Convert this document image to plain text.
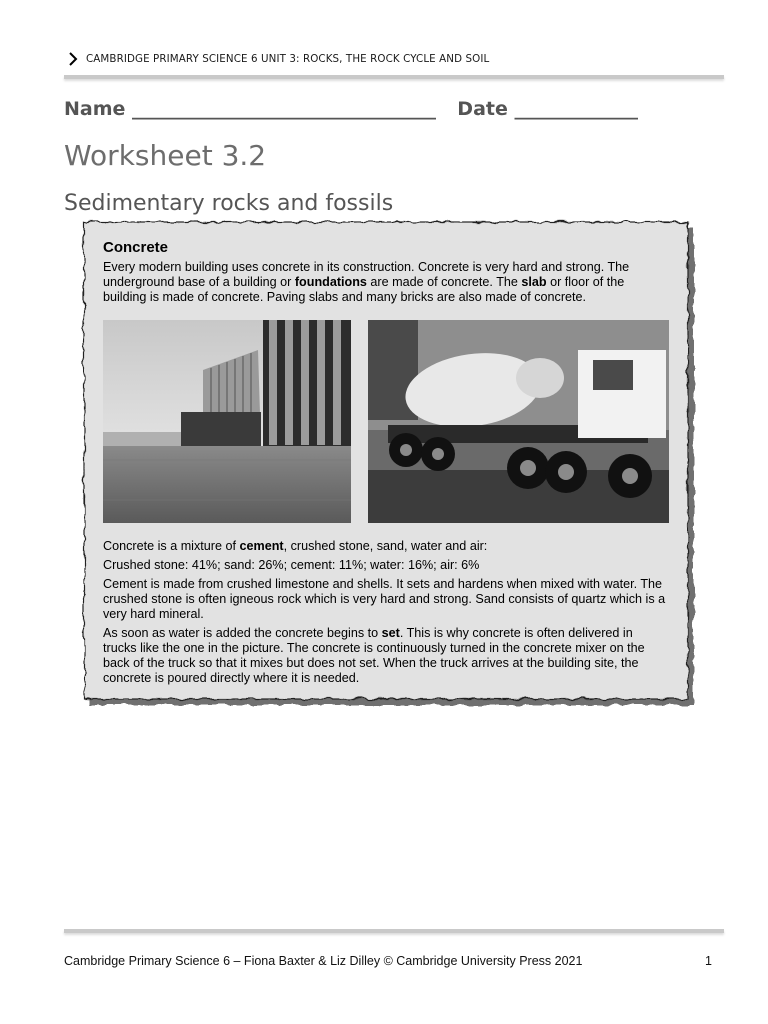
CAMBRIDGE PRIMARY SCIENCE 6 UNIT 3: ROCKS, THE ROCK CYCLE AND SOIL
Name ________________________________ Date _____________
Worksheet 3.2
Sedimentary rocks and fossils
Concrete

Every modern building uses concrete in its construction. Concrete is very hard and strong. The underground base of a building or foundations are made of concrete. The slab or floor of the building is made of concrete. Paving slabs and many bricks are also made of concrete.

Concrete is a mixture of cement, crushed stone, sand, water and air:

Crushed stone: 41%; sand: 26%; cement: 11%; water: 16%; air: 6%

Cement is made from crushed limestone and shells. It sets and hardens when mixed with water. The crushed stone is often igneous rock which is very hard and strong. Sand consists of quartz which is a very hard mineral.

As soon as water is added the concrete begins to set. This is why concrete is often delivered in trucks like the one in the picture. The concrete is continuously turned in the concrete mixer on the back of the truck so that it mixes but does not set. When the truck arrives at the building site, the concrete is poured directly where it is needed.

Cambridge Primary Science 6 – Fiona Baxter & Liz Dilley © Cambridge University Press 2021	1
